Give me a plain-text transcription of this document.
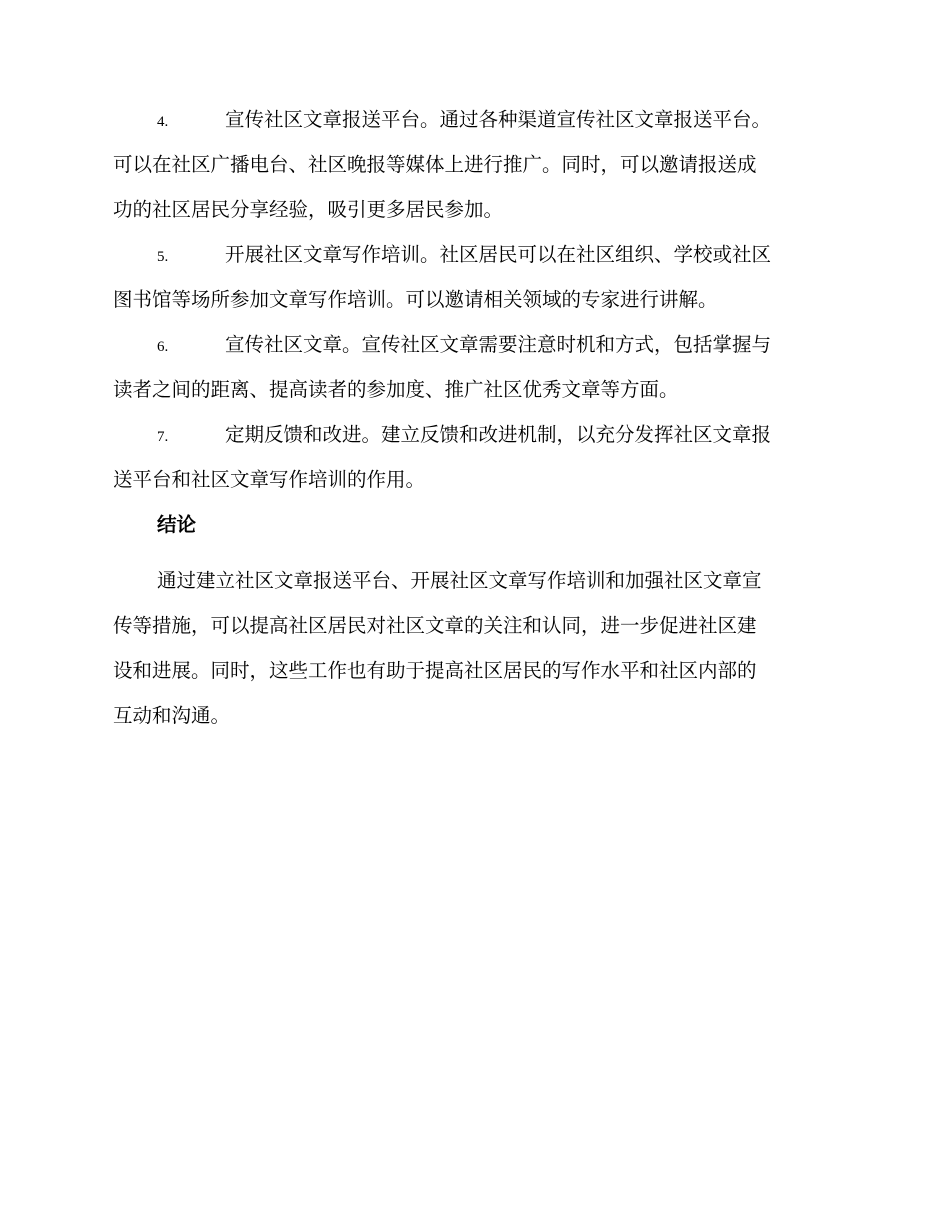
4.	宣传社区文章报送平台。通过各种渠道宣传社区文章报送平台。
可以在社区广播电台、社区晚报等媒体上进行推广。同时，可以邀请报送成
功的社区居民分享经验，吸引更多居民参加。
5.	开展社区文章写作培训。社区居民可以在社区组织、学校或社区
图书馆等场所参加文章写作培训。可以邀请相关领域的专家进行讲解。
6.	宣传社区文章。宣传社区文章需要注意时机和方式，包括掌握与
读者之间的距离、提高读者的参加度、推广社区优秀文章等方面。
7.	定期反馈和改进。建立反馈和改进机制，以充分发挥社区文章报
送平台和社区文章写作培训的作用。
结论
通过建立社区文章报送平台、开展社区文章写作培训和加强社区文章宣
传等措施，可以提高社区居民对社区文章的关注和认同，进一步促进社区建
设和进展。同时，这些工作也有助于提高社区居民的写作水平和社区内部的
互动和沟通。
